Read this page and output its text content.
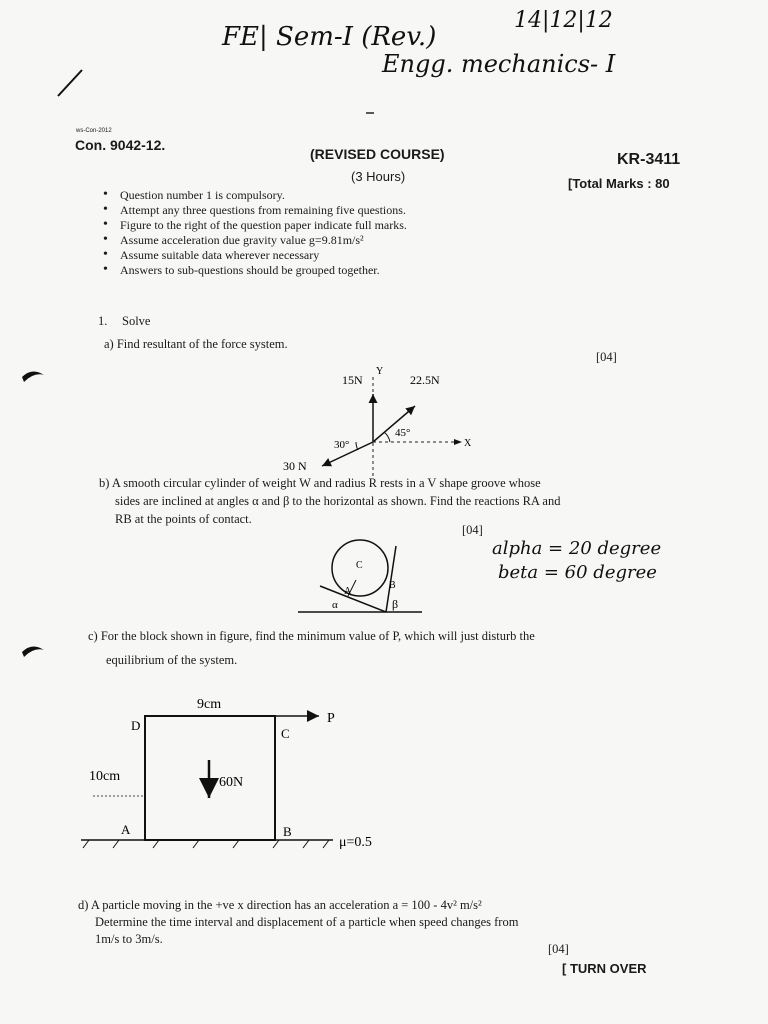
FE| Sem-I (Rev.)
14|12|12
Engg. mechanics- I
ws-Con-2012
Con. 9042-12.
(REVISED COURSE)
(3 Hours)
KR-3411
[Total Marks : 80
• Question number 1 is compulsory.
• Attempt any three questions from remaining five questions.
• Figure to the right of the question paper indicate full marks.
• Assume acceleration due gravity value g=9.81m/s²
• Assume suitable data wherever necessary
• Answers to sub-questions should be grouped together.
1. Solve
a) Find resultant of the force system.
[04]
15N
Y
22.5N
45°
30°	X
30 N
b) A smooth circular cylinder of weight W and radius R rests in a V shape groove whose
sides are inclined at angles α and β to the horizontal as shown. Find the reactions RA and
RB at the points of contact.
[04]
C
A
B
α	β
alpha = 20 degree
beta = 60 degree
c) For the block shown in figure, find the minimum value of P, which will just disturb the
equilibrium of the system.
9cm
10cm
D
C
P
60N
A	B
μ=0.5
d) A particle moving in the +ve x direction has an acceleration a = 100 - 4v² m/s²
Determine the time interval and displacement of a particle when speed changes from
1m/s to 3m/s.
[04]
[ TURN OVER
